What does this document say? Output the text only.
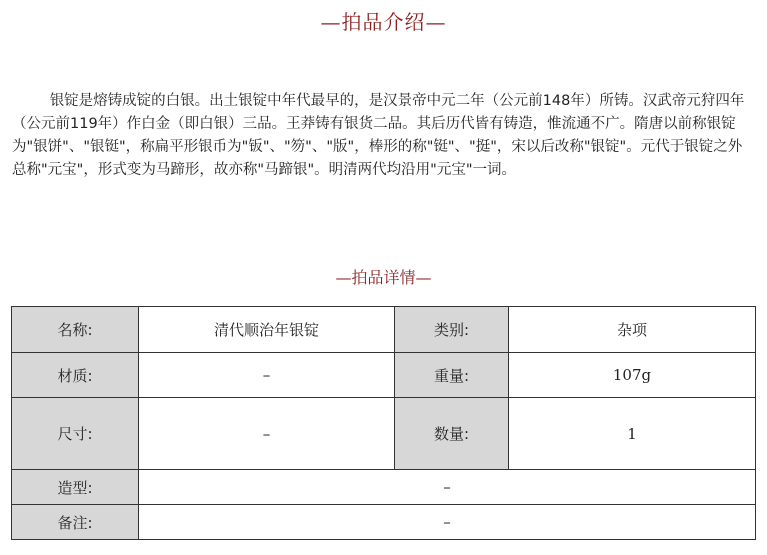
—拍品介绍—

银锭是熔铸成锭的白银。出土银锭中年代最早的，是汉景帝中元二年（公元前148年）所铸。汉武帝元狩四年（公元前119年）作白金（即白银）三品。王莽铸有银货二品。其后历代皆有铸造，惟流通不广。隋唐以前称银锭为"银饼"、"银铤"，称扁平形银币为"钣"、"笏"、"版"，棒形的称"铤"、"挺"，宋以后改称"银锭"。元代于银锭之外总称"元宝"，形式变为马蹄形，故亦称"马蹄银"。明清两代均沿用"元宝"一词。

—拍品详情—
名称:	清代顺治年银锭	类别:	杂项
材质:	–	重量:	107g
尺寸:	–	数量:	1
造型:	–		
备注:	–		
